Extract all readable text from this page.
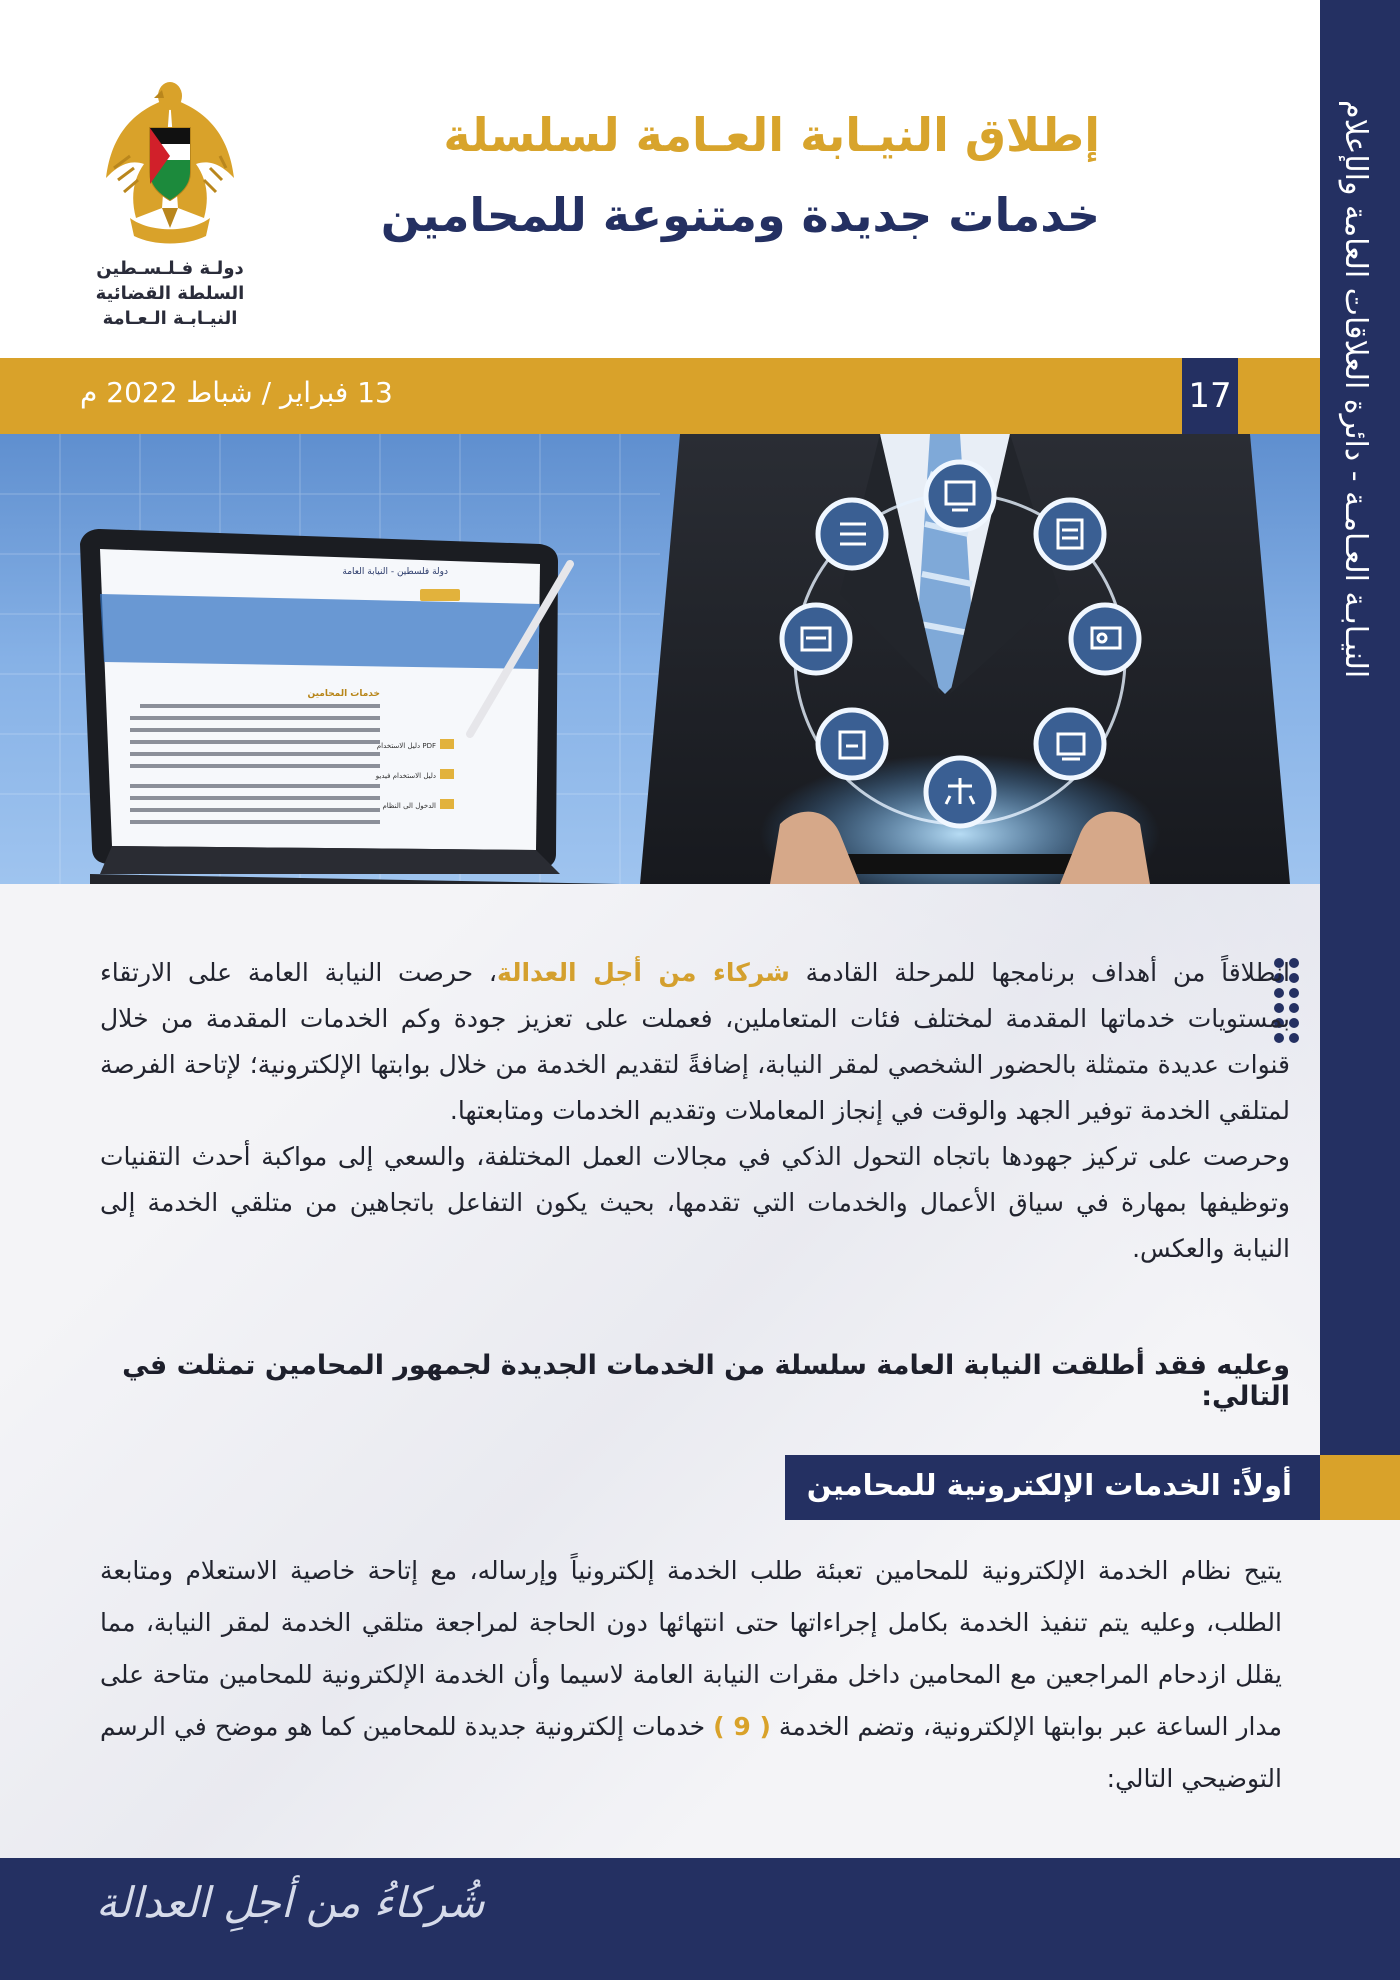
دولـة فـلـسـطين
السلطة القضائية
النيـابـة الـعـامة
إطلاق النيـابة العـامة لسلسلة
خدمات جديدة ومتنوعة للمحامين	النيـابـة العـامـة - دائرة العلاقات العامة والإعلام
13 فبراير / شباط 2022 م	17
دولة فلسطين - النيابة العامة
خدمات المحامين
دليل الاستخدام PDF
دليل الاستخدام فيديو
الدخول الى النظام

انطلاقاً من أهداف برنامجها للمرحلة القادمة شركاء من أجل العدالة، حرصت النيابة العامة على الارتقاء بمستويات خدماتها المقدمة لمختلف فئات المتعاملين، فعملت على تعزيز جودة وكم الخدمات المقدمة من خلال قنوات عديدة متمثلة بالحضور الشخصي لمقر النيابة، إضافةً لتقديم الخدمة من خلال بوابتها الإلكترونية؛ لإتاحة الفرصة لمتلقي الخدمة توفير الجهد والوقت في إنجاز المعاملات وتقديم الخدمات ومتابعتها.

وحرصت على تركيز جهودها باتجاه التحول الذكي في مجالات العمل المختلفة، والسعي إلى مواكبة أحدث التقنيات وتوظيفها بمهارة في سياق الأعمال والخدمات التي تقدمها، بحيث يكون التفاعل باتجاهين من متلقي الخدمة إلى النيابة والعكس.

وعليه فقد أطلقت النيابة العامة سلسلة من الخدمات الجديدة لجمهور المحامين تمثلت في التالي:
أولاً: الخدمات الإلكترونية للمحامين

يتيح نظام الخدمة الإلكترونية للمحامين تعبئة طلب الخدمة إلكترونياً وإرساله، مع إتاحة خاصية الاستعلام ومتابعة الطلب، وعليه يتم تنفيذ الخدمة بكامل إجراءاتها حتى انتهائها دون الحاجة لمراجعة متلقي الخدمة لمقر النيابة، مما يقلل ازدحام المراجعين مع المحامين داخل مقرات النيابة العامة لاسيما وأن الخدمة الإلكترونية للمحامين متاحة على مدار الساعة عبر بوابتها الإلكترونية، وتضم الخدمة ( 9 ) خدمات إلكترونية جديدة للمحامين كما هو موضح في الرسم التوضيحي التالي:

شُركاءُ من أجلِ العدالة
